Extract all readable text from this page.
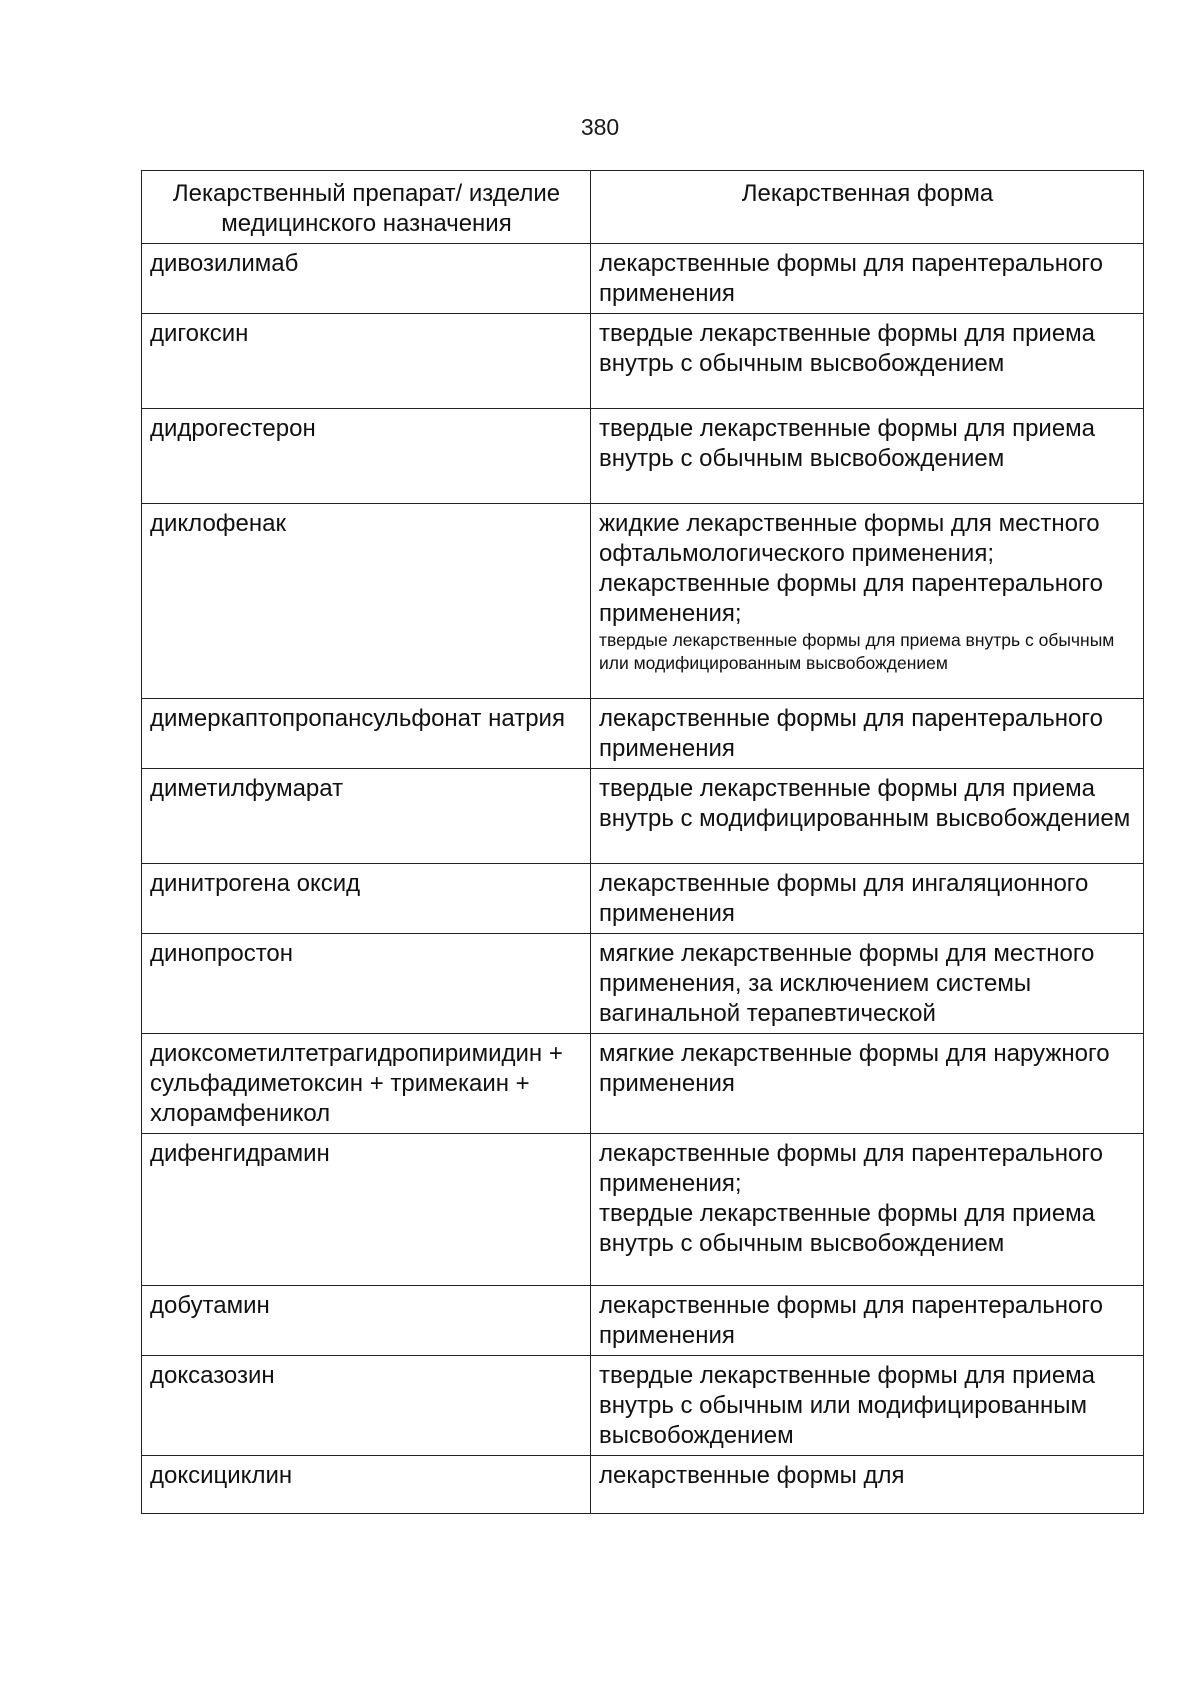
380
Лекарственный препарат/ изделие медицинского назначения	Лекарственная форма
дивозилимаб	лекарственные формы для парентерального применения

дигоксин	твердые лекарственные формы для приема внутрь с обычным высвобождением

дидрогестерон	твердые лекарственные формы для приема внутрь с обычным высвобождением

диклофенак	жидкие лекарственные формы для местного офтальмологического применения;
лекарственные формы для парентерального применения;
твердые лекарственные формы для приема внутрь с обычным или модифицированным высвобождением

димеркаптопропансульфонат натрия	лекарственные формы для парентерального применения

диметилфумарат	твердые лекарственные формы для приема внутрь с модифицированным высвобождением

динитрогена оксид	лекарственные формы для ингаляционного применения

динопростон	мягкие лекарственные формы для местного применения, за исключением системы вагинальной терапевтической

диоксометилтетрагидропиримидин + сульфадиметоксин + тримекаин + хлорамфеникол	мягкие лекарственные формы для наружного применения

дифенгидрамин	лекарственные формы для парентерального применения;
твердые лекарственные формы для приема внутрь с обычным высвобождением

добутамин	лекарственные формы для парентерального применения

доксазозин	твердые лекарственные формы для приема внутрь с обычным или модифицированным высвобождением

доксициклин	лекарственные формы для
